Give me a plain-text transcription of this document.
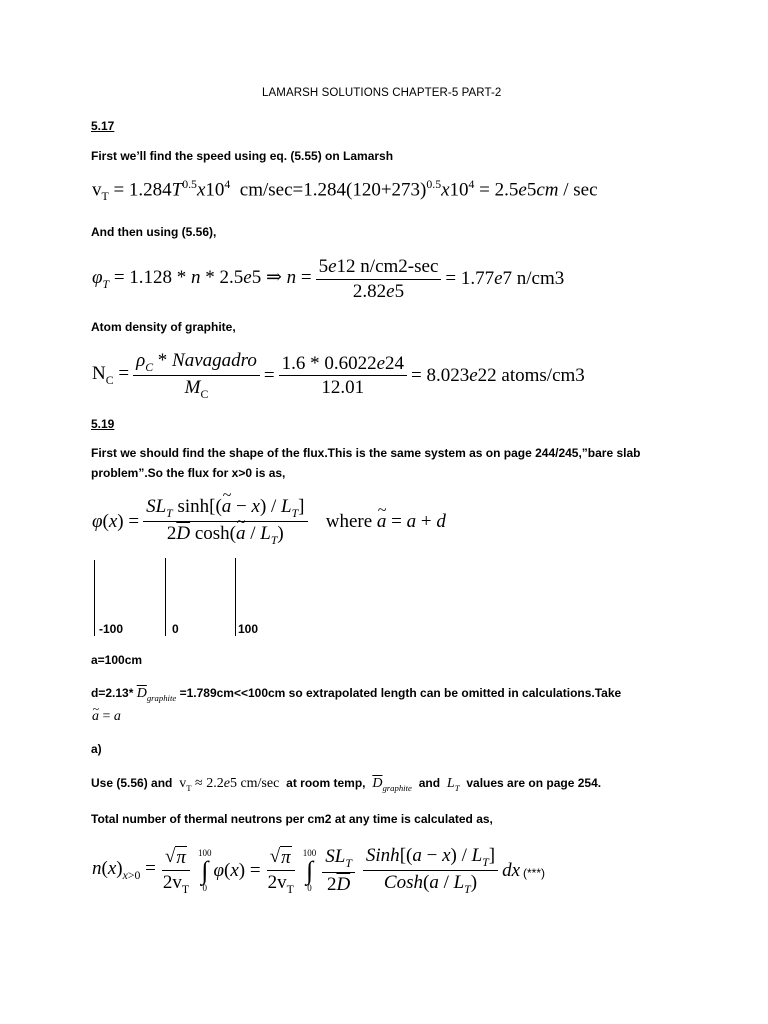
LAMARSH SOLUTIONS CHAPTER-5 PART-2
5.17
First we’ll find the speed using eq. (5.55) on Lamarsh
$v_T = 1.284T^{0.5}x10^4$  $cm/\sec=1.284(120+273)^{0.5}x10^4 = 2.5e5cm / \sec$
And then using (5.56),
$\varphi_T = 1.128 * n * 2.5e5$ ⇒ $n = \frac{5e12 n/cm2-\sec}{2.82e5} = 1.77e7$ n/cm3
Atom density of graphite,
$N_C = \frac{\rho_C * Navagadro}{M_C} = \frac{1.6 * 0.6022e24}{12.01} = 8.023e22$ atoms/cm3
5.19
First we should find the shape of the flux.This is the same system as on page 244/245,”bare slab
problem”.So the flux for x>0 is as,
$\varphi(x) = \frac{SL_T \sinh[(\sim a - x) / L_T]}{2\overline{D} \cosh(\sim a / L_T)}$ where ~ a = a + d
-100	0	100
a=100cm
d=2.13* $\overline{D}_{graphite} =1.789cm<<100cm$ so extrapolated length can be omitted in calculations.Take
~ a = a
a)
Use (5.56) and  $v_T \approx 2.2e5$ cm/sec  at room temp, $\overline{D}_{graphite}$ and $L_T$ values are on page 254.
Total number of thermal neutrons per cm2 at any time is calculated as,
$n(x)_{x>0} = \frac{√ \pi}{2v_T} 100$
∫
0
$\varphi(x) = \frac{√ \pi}{2v_T} 100$
∫
$0 \frac{SL_T}{2\overline{D}} \frac{Sinh[(a - x) / L_T]}{Cosh(a / L_T)}$ dx (***)
